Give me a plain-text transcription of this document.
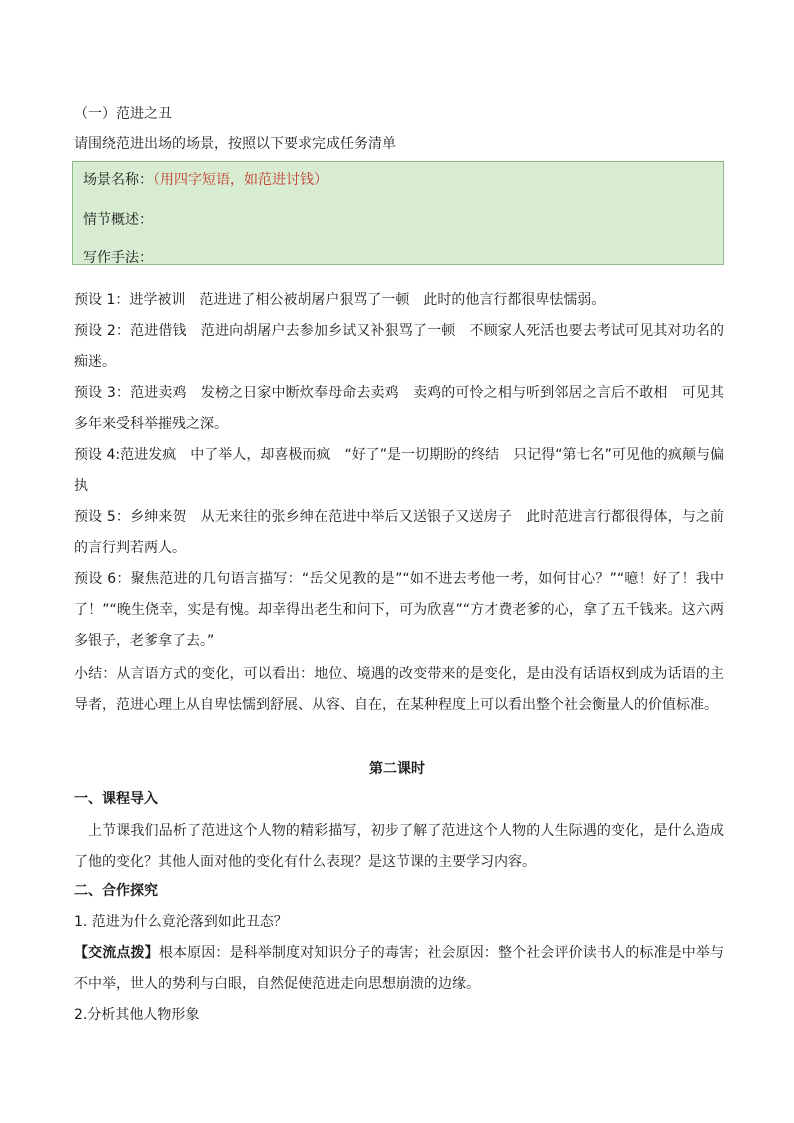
（一）范进之丑
请围绕范进出场的场景，按照以下要求完成任务清单
场景名称：（用四字短语，如范进讨钱）
情节概述：
写作手法：
预设 1：进学被训　范进进了相公被胡屠户狠骂了一顿　此时的他言行都很卑怯懦弱。
预设 2：范进借钱　范进向胡屠户去参加乡试又补狠骂了一顿　不顾家人死活也要去考试可见其对功名的痴迷。
预设 3：范进卖鸡　发榜之日家中断炊奉母命去卖鸡　卖鸡的可怜之相与听到邻居之言后不敢相　可见其多年来受科举摧残之深。
预设 4:范进发疯　中了举人，却喜极而疯　“好了”是一切期盼的终结　只记得“第七名”可见他的疯颠与偏执
预设 5：乡绅来贺　从无来往的张乡绅在范进中举后又送银子又送房子　此时范进言行都很得体，与之前的言行判若两人。
预设 6：聚焦范进的几句语言描写：“岳父见教的是”“如不进去考他一考，如何甘心？”“噫！好了！我中了！”“晚生侥幸，实是有愧。却幸得出老生和问下，可为欣喜”“方才费老爹的心，拿了五千钱来。这六两多银子，老爹拿了去。”
小结：从言语方式的变化，可以看出：地位、境遇的改变带来的是变化，是由没有话语权到成为话语的主导者，范进心理上从自卑怯懦到舒展、从容、自在，在某种程度上可以看出整个社会衡量人的价值标准。
第二课时
一、课程导入
上节课我们品析了范进这个人物的精彩描写，初步了解了范进这个人物的人生际遇的变化，是什么造成了他的变化？其他人面对他的变化有什么表现？是这节课的主要学习内容。
二、合作探究
1. 范进为什么竟沦落到如此丑态？
【交流点拨】根本原因：是科举制度对知识分子的毒害；社会原因：整个社会评价读书人的标准是中举与不中举，世人的势利与白眼，自然促使范进走向思想崩溃的边缘。
2.分析其他人物形象
